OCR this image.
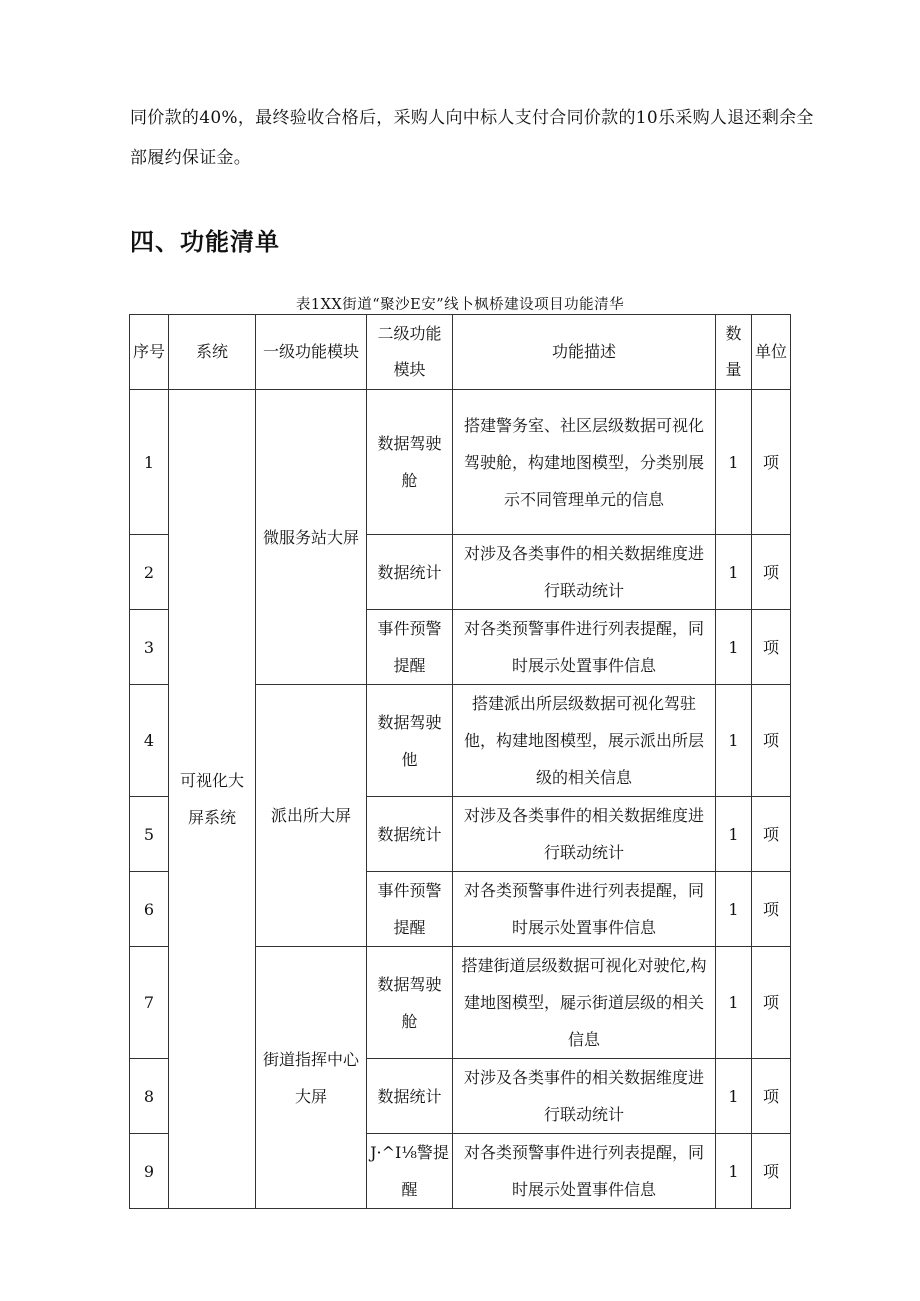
同价款的40%，最终验收合格后，采购人向中标人支付合同价款的10乐采购人退还剩余全
部履约保证金。
四、功能清单
表1XX街道“聚沙E安”线卜枫桥建设项目功能清华
序号	系统	一级功能模块	二级功能模块	功能描述	数量	单位
1	可视化大屏系统	微服务站大屏	数据驾驶舱	搭建警务室、社区层级数据可视化驾驶舱，构建地图模型，分类别展示不同管理单元的信息	1	项
2			数据统计	对涉及各类事件的相关数据维度进行联动统计	1	项
3			事件预警提醒	对各类预警事件进行列表提醒，同时展示处置事件信息	1	项
4		派出所大屏	数据驾驶他	搭建派出所层级数据可视化驾驻他，构建地图模型，展示派出所层级的相关信息	1	项
5			数据统计	对涉及各类事件的相关数据维度进行联动统计	1	项
6			事件预警提醒	对各类预警事件进行列表提醒，同时展示处置事件信息	1	项
7		街道指挥中心大屏	数据驾驶舱	搭建街道层级数据可视化对驶佗,构建地图模型，屣示街道层级的相关信息	1	项
8			数据统计	对涉及各类事件的相关数据维度进行联动统计	1	项
9			J·^I⅛警提醒	对各类预警事件进行列表提醒，同时展示处置事件信息	1	项
